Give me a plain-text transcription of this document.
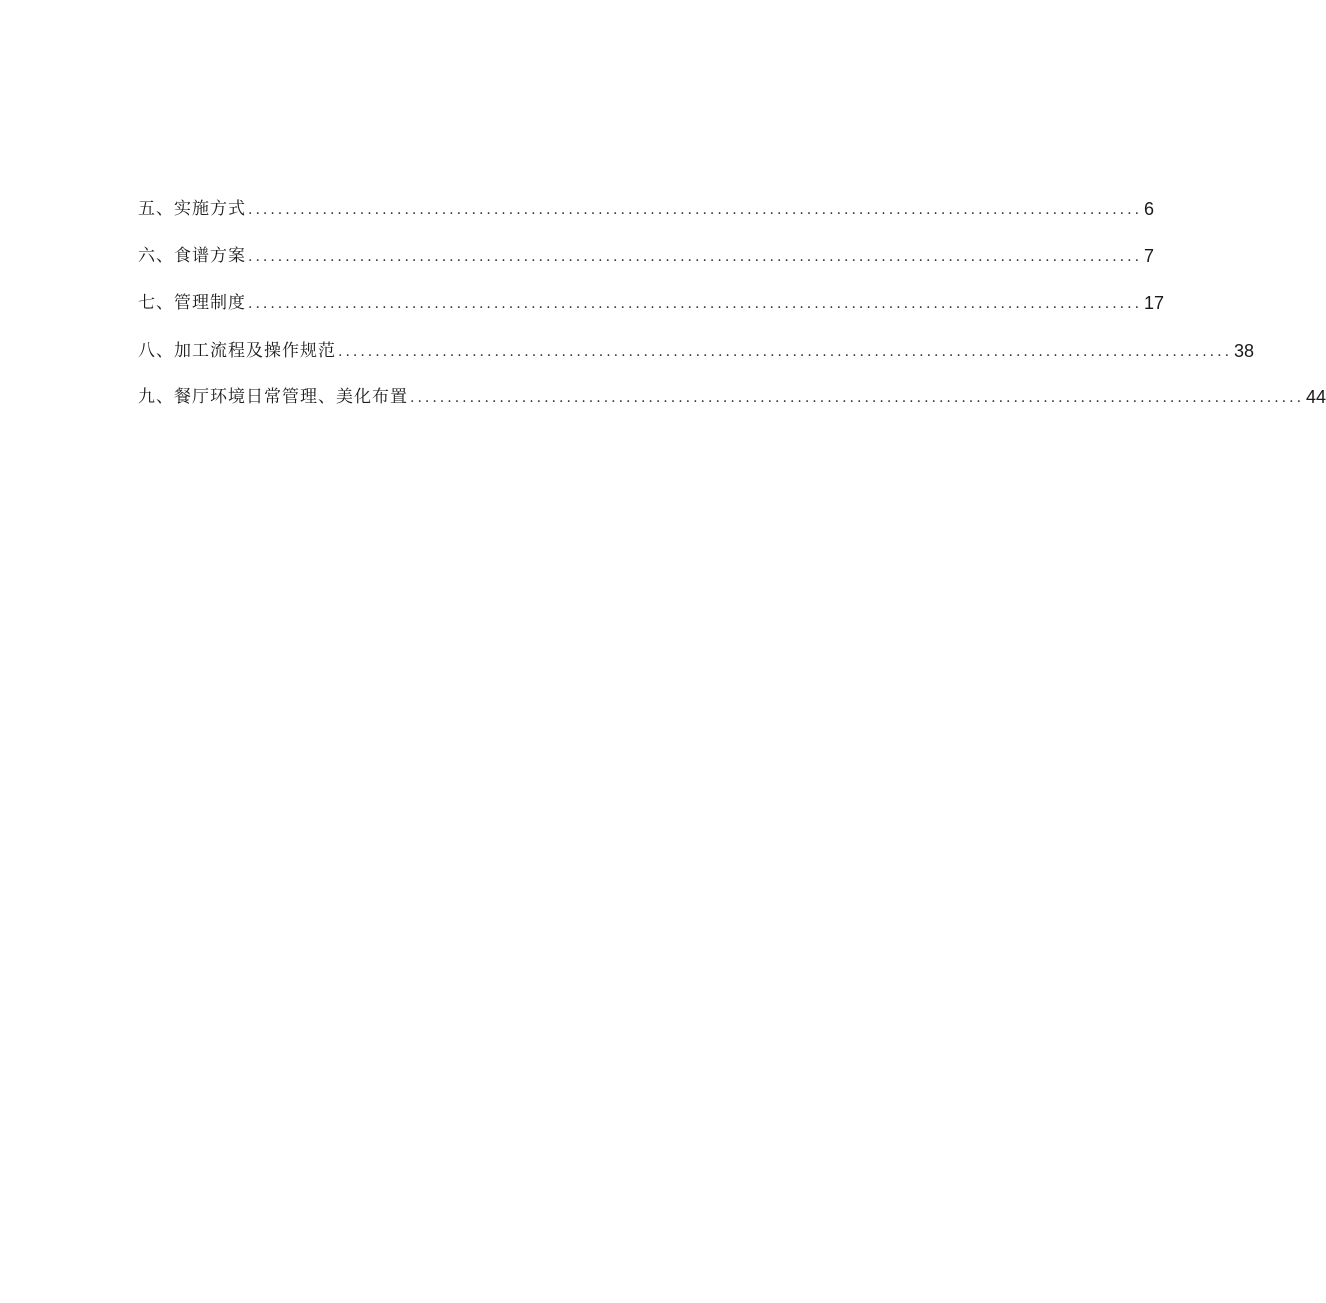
五、 实施方式 ........................................................................................................................ 6
六、 食谱方案 ........................................................................................................................ 7
七、 管理制度 ........................................................................................................................ 17
八、 加工流程及操作规范 ........................................................................................................................ 38
九、 餐厅环境日常管理、美化布置 ........................................................................................................................ 44
